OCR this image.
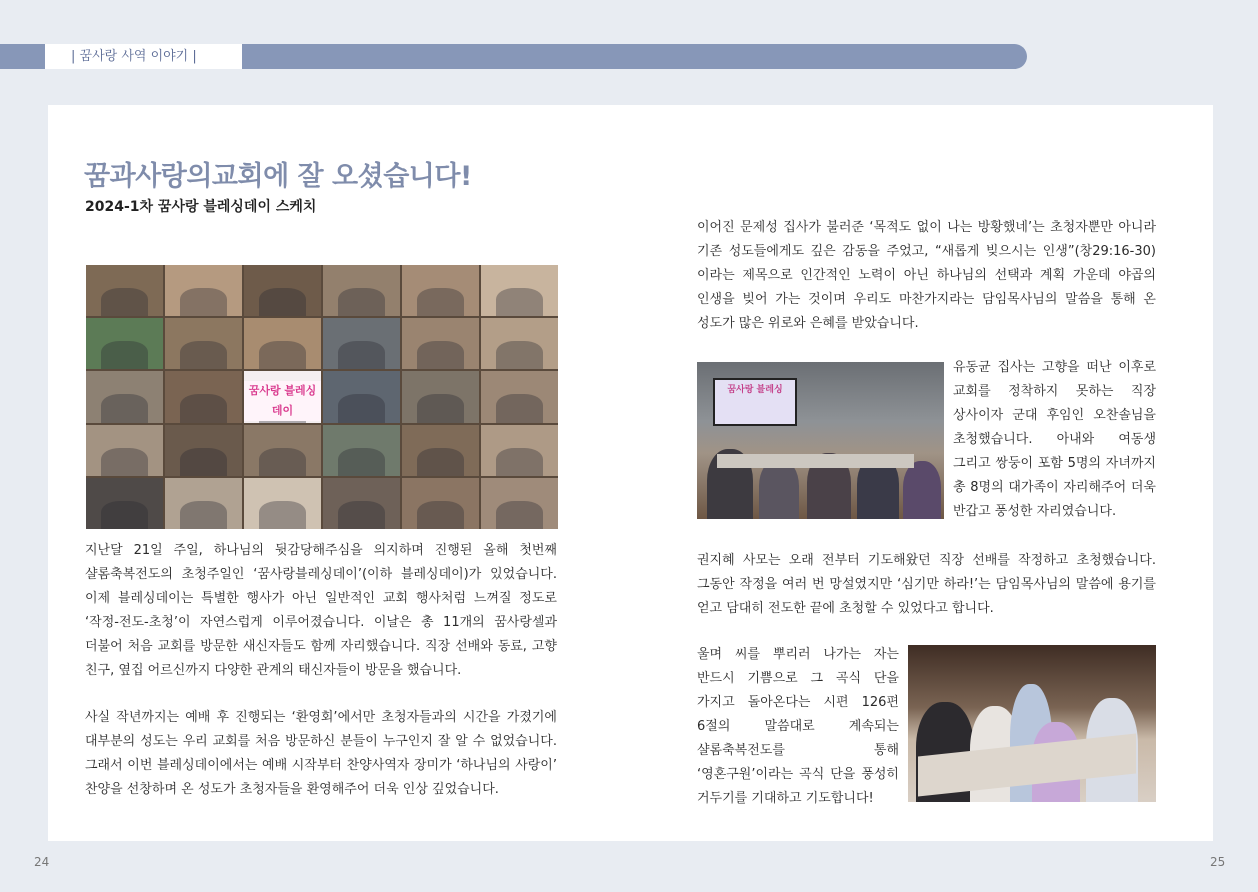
| 꿈사랑 사역 이야기 |
꿈과사랑의교회에 잘 오셨습니다!
2024-1차 꿈사랑 블레싱데이 스케치
꿈사랑 블레싱 데이

지난달 21일 주일, 하나님의 뒷감당해주심을 의지하며 진행된 올해 첫번째 샬롬축복전도의 초청주일인 ‘꿈사랑블레싱데이’(이하 블레싱데이)가 있었습니다. 이제 블레싱데이는 특별한 행사가 아닌 일반적인 교회 행사처럼 느껴질 정도로 ‘작정-전도-초청’이 자연스럽게 이루어졌습니다. 이날은 총 11개의 꿈사랑셀과 더불어 처음 교회를 방문한 새신자들도 함께 자리했습니다. 직장 선배와 동료, 고향 친구, 옆집 어르신까지 다양한 관계의 태신자들이 방문을 했습니다.

사실 작년까지는 예배 후 진행되는 ‘환영회’에서만 초청자들과의 시간을 가졌기에 대부분의 성도는 우리 교회를 처음 방문하신 분들이 누구인지 잘 알 수 없었습니다. 그래서 이번 블레싱데이에서는 예배 시작부터 찬양사역자 장미가 ‘하나님의 사랑이’ 찬양을 선창하며 온 성도가 초청자들을 환영해주어 더욱 인상 깊었습니다.

이어진 문제성 집사가 불러준 ‘목적도 없이 나는 방황했네’는 초청자뿐만 아니라 기존 성도들에게도 깊은 감동을 주었고, “새롭게 빚으시는 인생”(창29:16-30)이라는 제목으로 인간적인 노력이 아닌 하나님의 선택과 계획 가운데 야곱의 인생을 빚어 가는 것이며 우리도 마찬가지라는 담임목사님의 말씀을 통해 온 성도가 많은 위로와 은혜를 받았습니다.

꿈사랑 블레싱

유동균 집사는 고향을 떠난 이후로 교회를 정착하지 못하는 직장 상사이자 군대 후임인 오찬솔님을 초청했습니다. 아내와 여동생 그리고 쌍둥이 포함 5명의 자녀까지 총 8명의 대가족이 자리해주어 더욱 반갑고 풍성한 자리였습니다.

권지혜 사모는 오래 전부터 기도해왔던 직장 선배를 작정하고 초청했습니다. 그동안 작정을 여러 번 망설였지만 ‘심기만 하라!’는 담임목사님의 말씀에 용기를 얻고 담대히 전도한 끝에 초청할 수 있었다고 합니다.

울며 씨를 뿌리러 나가는 자는 반드시 기쁨으로 그 곡식 단을 가지고 돌아온다는 시편 126편 6절의 말씀대로 계속되는 샬롬축복전도를 통해 ‘영혼구원’이라는 곡식 단을 풍성히 거두기를 기대하고 기도합니다!

24	25
